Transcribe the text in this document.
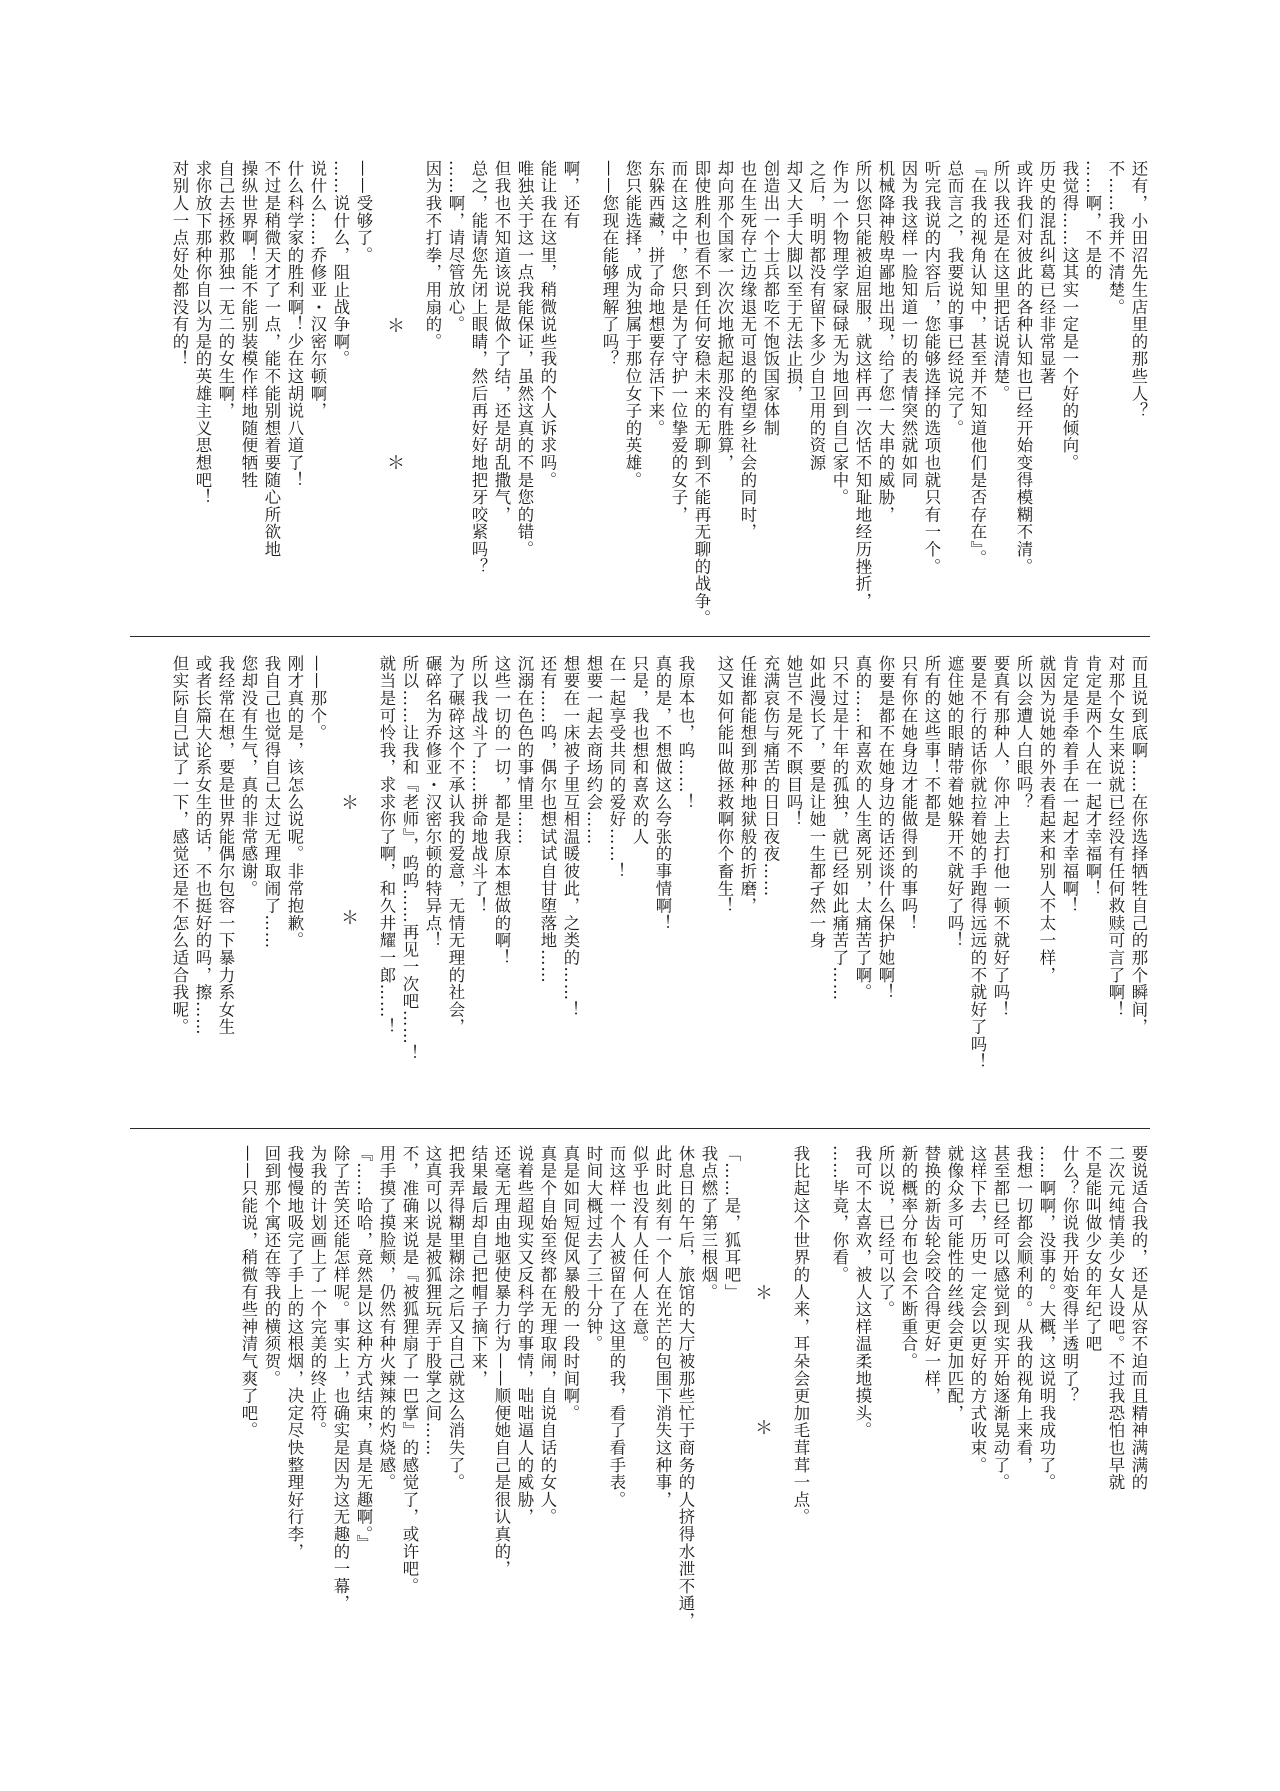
还有，小田沼先生店里的那些人？
不……我并不清楚。
……啊，不是的
我觉得……这其实一定是一个好的倾向。
历史的混乱纠葛已经非常显著
或许我们对彼此的各种认知也已经开始变得模糊不清。
所以我还是在这里把话说清楚。
『在我的视角认知中，甚至并不知道他们是否存在』。
总而言之，我要说的事已经说完了。
听完我说的内容后，您能够选择的选项也就只有一个。
因为我这样一脸知道一切的表情突然就如同
机械降神般卑鄙地出现，给了您一大串的威胁，
所以您只能被迫屈服，就这样再一次恬不知耻地经历挫折，
作为一个物理学家碌碌无为地回到自己家中。
之后，明明都没有留下多少自卫用的资源
却又大手大脚以至于无法止损，
创造出一个士兵都吃不饱饭国家体制
也在生死存亡边缘退无可退的绝望乡社会的同时，
却向那个国家一次次地掀起那没有胜算，
即使胜利也看不到任何安稳未来的无聊到不能再无聊的战争。
而在这之中，您只是为了守护一位挚爱的女子，
东躲西藏，拼了命地想要存活下来。
您只能选择，成为独属于那位女子的英雄。
——您现在能够理解了吗？
啊，还有
能让我在这里，稍微说些我的个人诉求吗。
唯独关于这一点我能保证，虽然这真的不是您的错。
但我也不知道该说是做个了结，还是胡乱撒气，
总之，能请您先闭上眼睛，然后再好好地把牙咬紧吗？
……啊，请尽管放心。
因为我不打拳，用扇的。
＊
＊
——受够了。
……说什么，阻止战争啊。
说什么……乔修亚・汉密尔顿啊，
什么科学家的胜利啊！少在这胡说八道了！
不过是稍微天才了一点，能不能别想着要随心所欲地
操纵世界啊！能不能别装模作样地随便牺牲
自己去拯救那独一无二的女生啊，
求你放下那种你自以为是的英雄主义思想吧！
对别人一点好处都没有的！
而且说到底啊……在你选择牺牲自己的那个瞬间，
对那个女生来说就已经没有任何救赎可言了啊！
肯定是两个人在一起才幸福啊！
肯定是手牵着手在一起才幸福啊！
就因为说她的外表看起来和别人不太一样，
所以会遭人白眼吗？
要真有那种人，你冲上去打他一顿不就好了吗！
要是不行的话你就拉着她的手跑得远远的不就好了吗！
遮住她的眼睛带着她躲开不就好了吗！
所有的这些事！不都是
只有你在她身边才能做得到的事吗！
你要是都不在她身边的话还谈什么保护她啊！
真的……和喜欢的人生离死别，太痛苦了啊。
只不过是十年的孤独，就已经如此痛苦了……
如此漫长了，要是让她一生都孑然一身
她岂不是死不瞑目吗！
充满哀伤与痛苦的日日夜夜……
任谁都能想到那种地狱般的折磨，
这又如何能叫做拯救啊你个畜生！
我原本也，呜……！
真的是，不想做这么夸张的事情啊！
只是，我也想和喜欢的人
在一起享受共同的爱好……！
想要一起去商场约会……
想要在一床被子里互相温暖彼此，之类的……！
还有……呜，偶尔也想试试自甘堕落地……
沉溺在色色的事情里……
这些一切的一切，都是我原本想做的啊！
所以我战斗了……拼命地战斗了！
为了碾碎这个不承认我的爱意，无情无理的社会，
碾碎名为乔修亚・汉密尔顿的特异点！
所以……让我和『老师』，呜呜……再见一次吧……！
就当是可怜我，求求你了啊，和久井耀一郎……！
＊
＊
——那个。
刚才真的是，该怎么说呢。非常抱歉。
我自己也觉得自己太过无理取闹了……
您却没有生气，真的非常感谢。
我经常在想，要是世界能偶尔包容一下暴力系女生
或者长篇大论系女生的话，不也挺好的吗，擦……
但实际自己试了一下，感觉还是不怎么适合我呢。
要说适合我的，还是从容不迫而且精神满满的
二次元纯情美少女人设吧。不过我恐怕也早就
不是能叫做少女的年纪了吧
什么？你说我开始变得半透明了？
……啊啊，没事的。大概，这说明我成功了。
我想一切都会顺利的。从我的视角上来看，
甚至都已经可以感觉到现实开始逐渐晃动了。
这样下去，历史一定会以更好的方式收束。
就像众多可能性的丝线会更加匹配，
替换的新齿轮会咬合得更好一样，
新的概率分布也会不断重合。
所以说，已经可以了。
我可不太喜欢，被人这样温柔地摸头。
……毕竟，你看。
我比起这个世界的人来，耳朵会更加毛茸茸一点。
＊
＊
「……是，狐耳吧」
我点燃了第三根烟。
休息日的午后，旅馆的大厅被那些忙于商务的人挤得水泄不通，
此时此刻有一个人在光芒的包围下消失这种事，
似乎也没有人任何人在意。
而这样一个人被留在了这里的我，看了看手表。
时间大概过去了三十分钟。
真是如同短促风暴般的一段时间啊。
真是个自始至终都在无理取闹，自说自话的女人。
说着些超现实又反科学的事情，咄咄逼人的威胁，
还毫无理由地驱使暴力行为——顺便她自己是很认真的，
结果最后却自己把帽子摘下来，
把我弄得糊里糊涂之后又自己就这么消失了。
这真可以说是被狐狸玩弄于股掌之间……
不，准确来说是『被狐狸扇了一巴掌』的感觉了，或许吧。
用手摸了摸脸颊，仍然有种火辣辣的灼烧感。
『……哈哈，竟然是以这种方式结束，真是无趣啊。』
除了苦笑还能怎样呢。事实上，也确实是因为这无趣的一幕，
为我的计划画上了一个完美的终止符。
我慢慢地吸完了手上的这根烟，决定尽快整理好行李，
回到那个寓还在等我的横须贺。
——只能说，稍微有些神清气爽了吧。
